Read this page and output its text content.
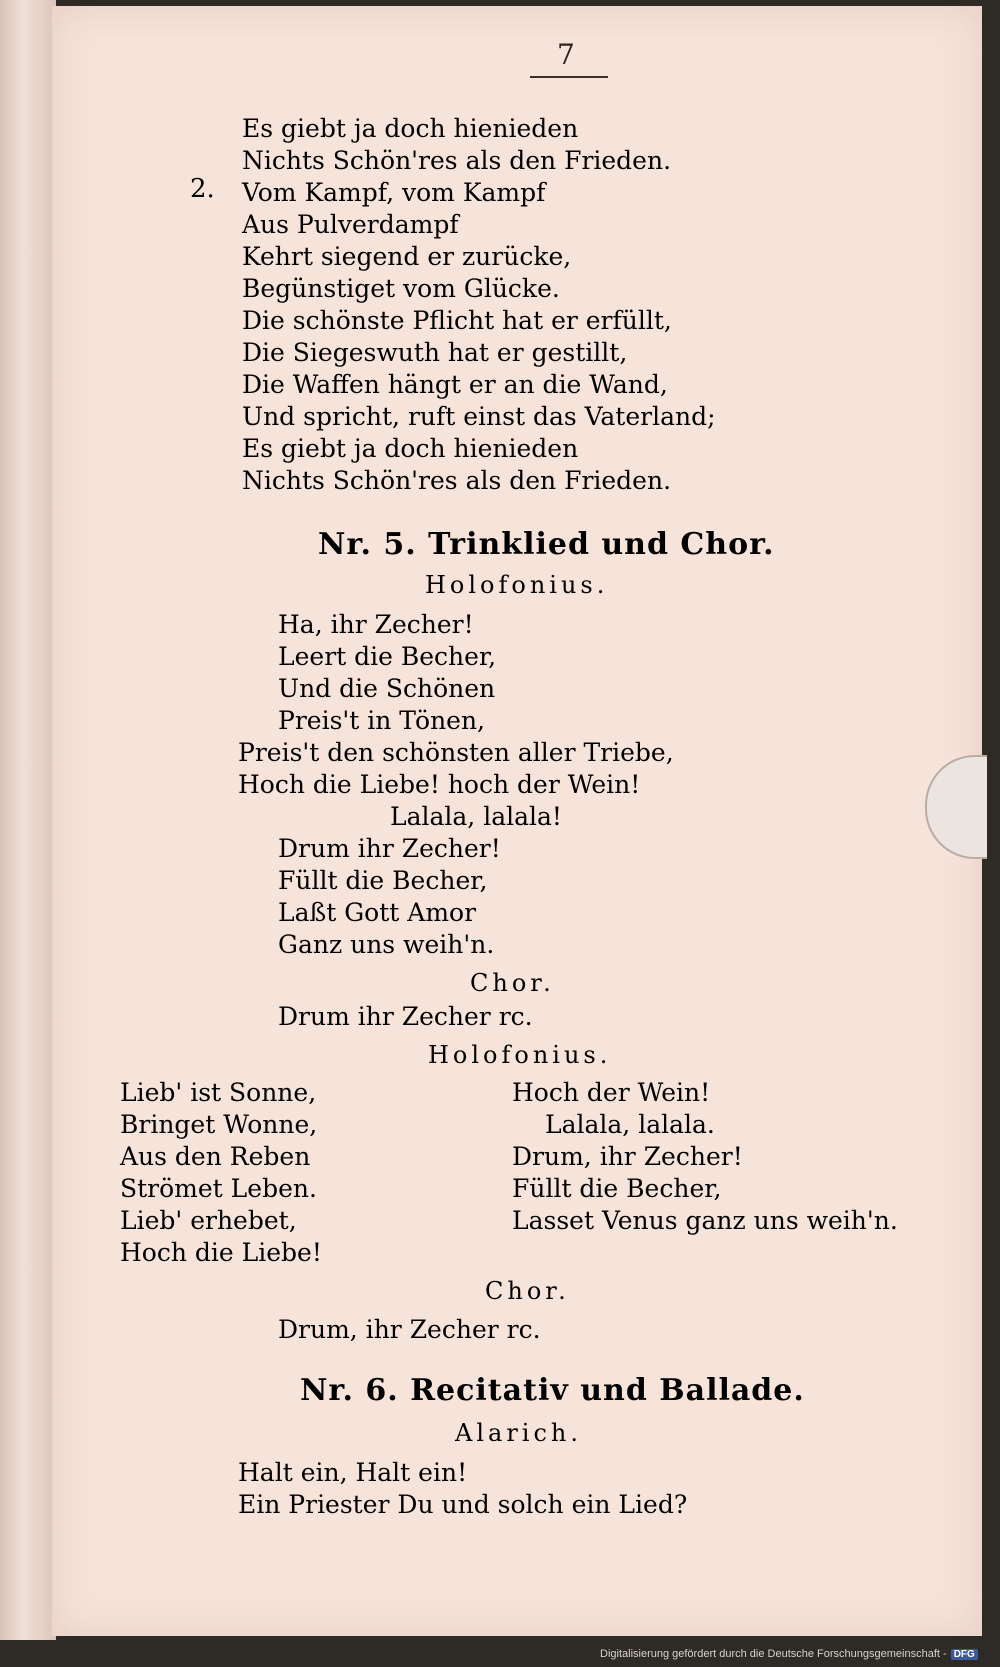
7
2.
Es giebt ja doch hienieden
Nichts Schön'res als den Frieden.
Vom Kampf, vom Kampf
Aus Pulverdampf
Kehrt siegend er zurücke,
Begünstiget vom Glücke.
Die schönste Pflicht hat er erfüllt,
Die Siegeswuth hat er gestillt,
Die Waffen hängt er an die Wand,
Und spricht, ruft einst das Vaterland;
Es giebt ja doch hienieden
Nichts Schön'res als den Frieden.
Nr. 5. Trinklied und Chor.
Holofonius.
Ha, ihr Zecher!
Leert die Becher,
Und die Schönen
Preis't in Tönen,
Preis't den schönsten aller Triebe,
Hoch die Liebe! hoch der Wein!
Lalala, lalala!
Drum ihr Zecher!
Füllt die Becher,
Laßt Gott Amor
Ganz uns weih'n.
Chor.
Drum ihr Zecher rc.
Holofonius.
Lieb' ist Sonne,
Bringet Wonne,
Aus den Reben
Strömet Leben.
Lieb' erhebet,
Hoch die Liebe!
Hoch der Wein!
Lalala, lalala.
Drum, ihr Zecher!
Füllt die Becher,
Lasset Venus ganz uns weih'n.
Chor.
Drum, ihr Zecher rc.
Nr. 6. Recitativ und Ballade.
Alarich.
Halt ein, Halt ein!
Ein Priester Du und solch ein Lied?
Digitalisierung gefördert durch die Deutsche Forschungsgemeinschaft - DFG
